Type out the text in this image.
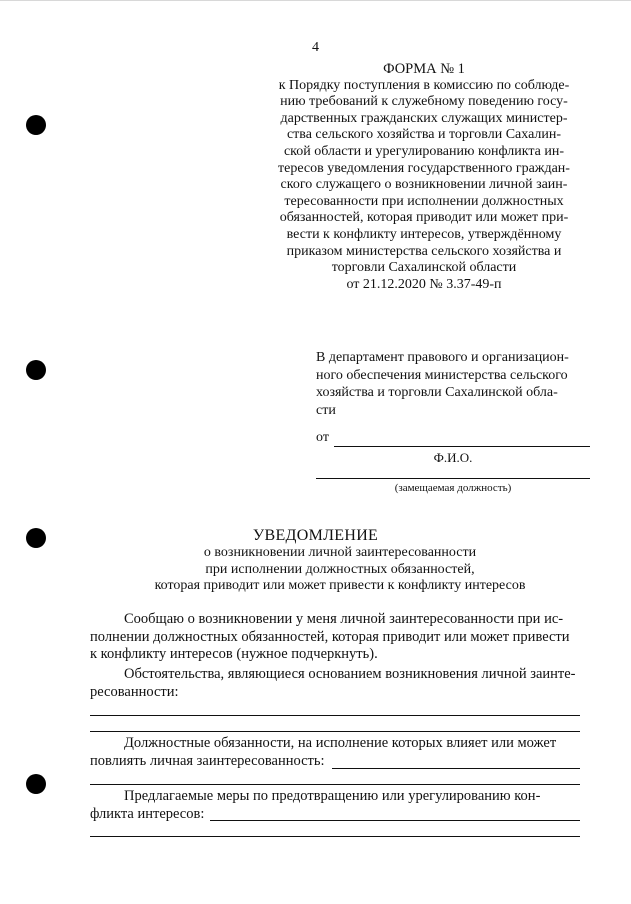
4
ФОРМА № 1
к Порядку поступления в комиссию по соблюде-
нию требований к служебному поведению госу-
дарственных гражданских служащих министер-
ства сельского хозяйства и торговли Сахалин-
ской области и урегулированию конфликта ин-
тересов уведомления государственного граждан-
ского служащего о возникновении личной заин-
тересованности при исполнении должностных
обязанностей, которая приводит или может при-
вести к конфликту интересов, утверждённому
приказом министерства сельского хозяйства и
торговли Сахалинской области
от 21.12.2020 № 3.37-49-п
В департамент правового и организацион-
ного обеспечения министерства сельского
хозяйства и торговли Сахалинской обла-
сти
от
Ф.И.О.
(замещаемая должность)
УВЕДОМЛЕНИЕ
о возникновении личной заинтересованности
при исполнении должностных обязанностей,
которая приводит или может привести к конфликту интересов
Сообщаю о возникновении у меня личной заинтересованности при ис-
полнении должностных обязанностей, которая приводит или может привести
к конфликту интересов (нужное подчеркнуть).
Обстоятельства, являющиеся основанием возникновения личной заинте-
ресованности:
Должностные обязанности, на исполнение которых влияет или может
повлиять личная заинтересованность:
Предлагаемые меры по предотвращению или урегулированию кон-
фликта интересов:
